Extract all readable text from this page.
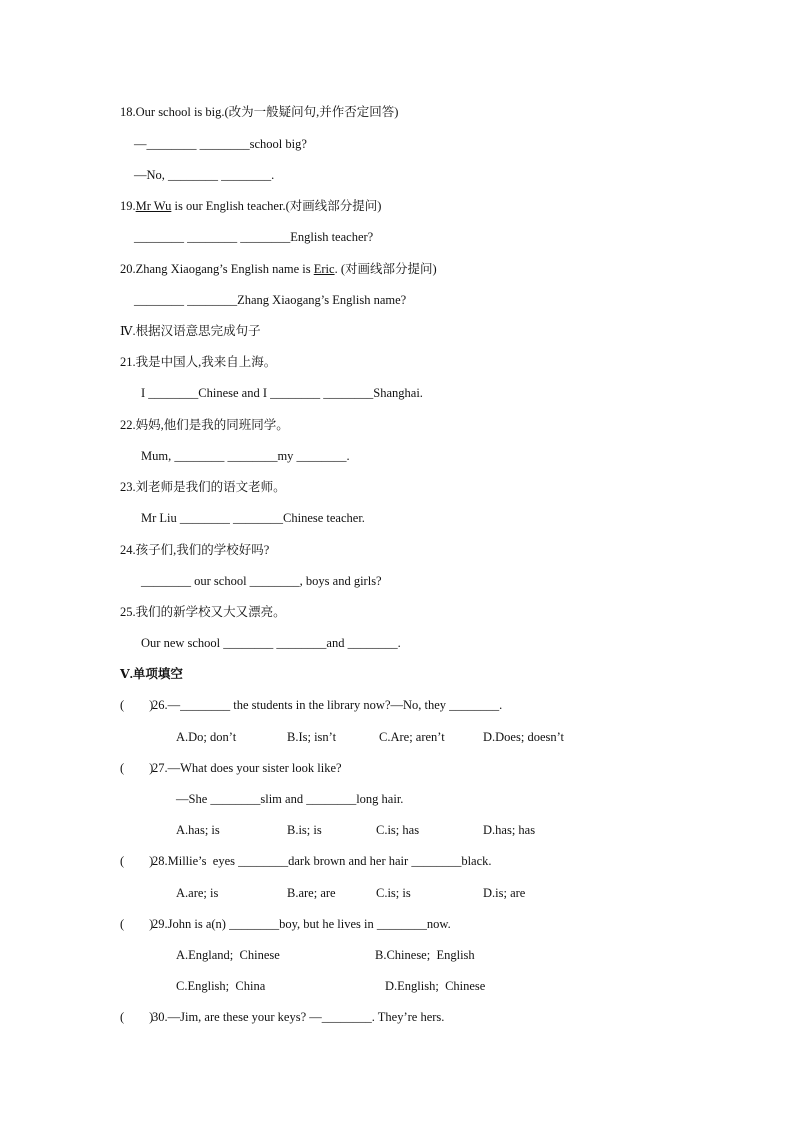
18.Our school is big.(改为一般疑问句,并作否定回答)
—________ ________school big?
—No, ________ ________.
19.Mr Wu is our English teacher.(对画线部分提问)
________ ________ ________English teacher?
20.Zhang Xiaogang’s English name is Eric. (对画线部分提问)
________ ________Zhang Xiaogang’s English name?
Ⅳ.根据汉语意思完成句子
21.我是中国人,我来自上海。
I ________Chinese and I ________ ________Shanghai.
22.妈妈,他们是我的同班同学。
Mum, ________ ________my ________.
23.刘老师是我们的语文老师。
Mr Liu ________ ________Chinese teacher.
24.孩子们,我们的学校好吗?
________ our school ________, boys and girls?
25.我们的新学校又大又漂亮。
Our new school ________ ________and ________.
Ⅴ.单项填空
(        )
26.—________ the students in the library now?—No, they ________.
A.Do; don’t	B.Is; isn’t	C.Are; aren’t	D.Does; doesn’t
(        )
27.—What does your sister look like?
—She ________slim and ________long hair.
A.has; is	B.is; is	C.is; has	D.has; has
(        )
28.Millie’s  eyes ________dark brown and her hair ________black.
A.are; is	B.are; are	C.is; is	D.is; are
(        )
29.John is a(n) ________boy, but he lives in ________now.
A.England;  Chinese	B.Chinese;  English
C.English;  China	D.English;  Chinese
(        )
30.—Jim, are these your keys? —________. They’re hers.
